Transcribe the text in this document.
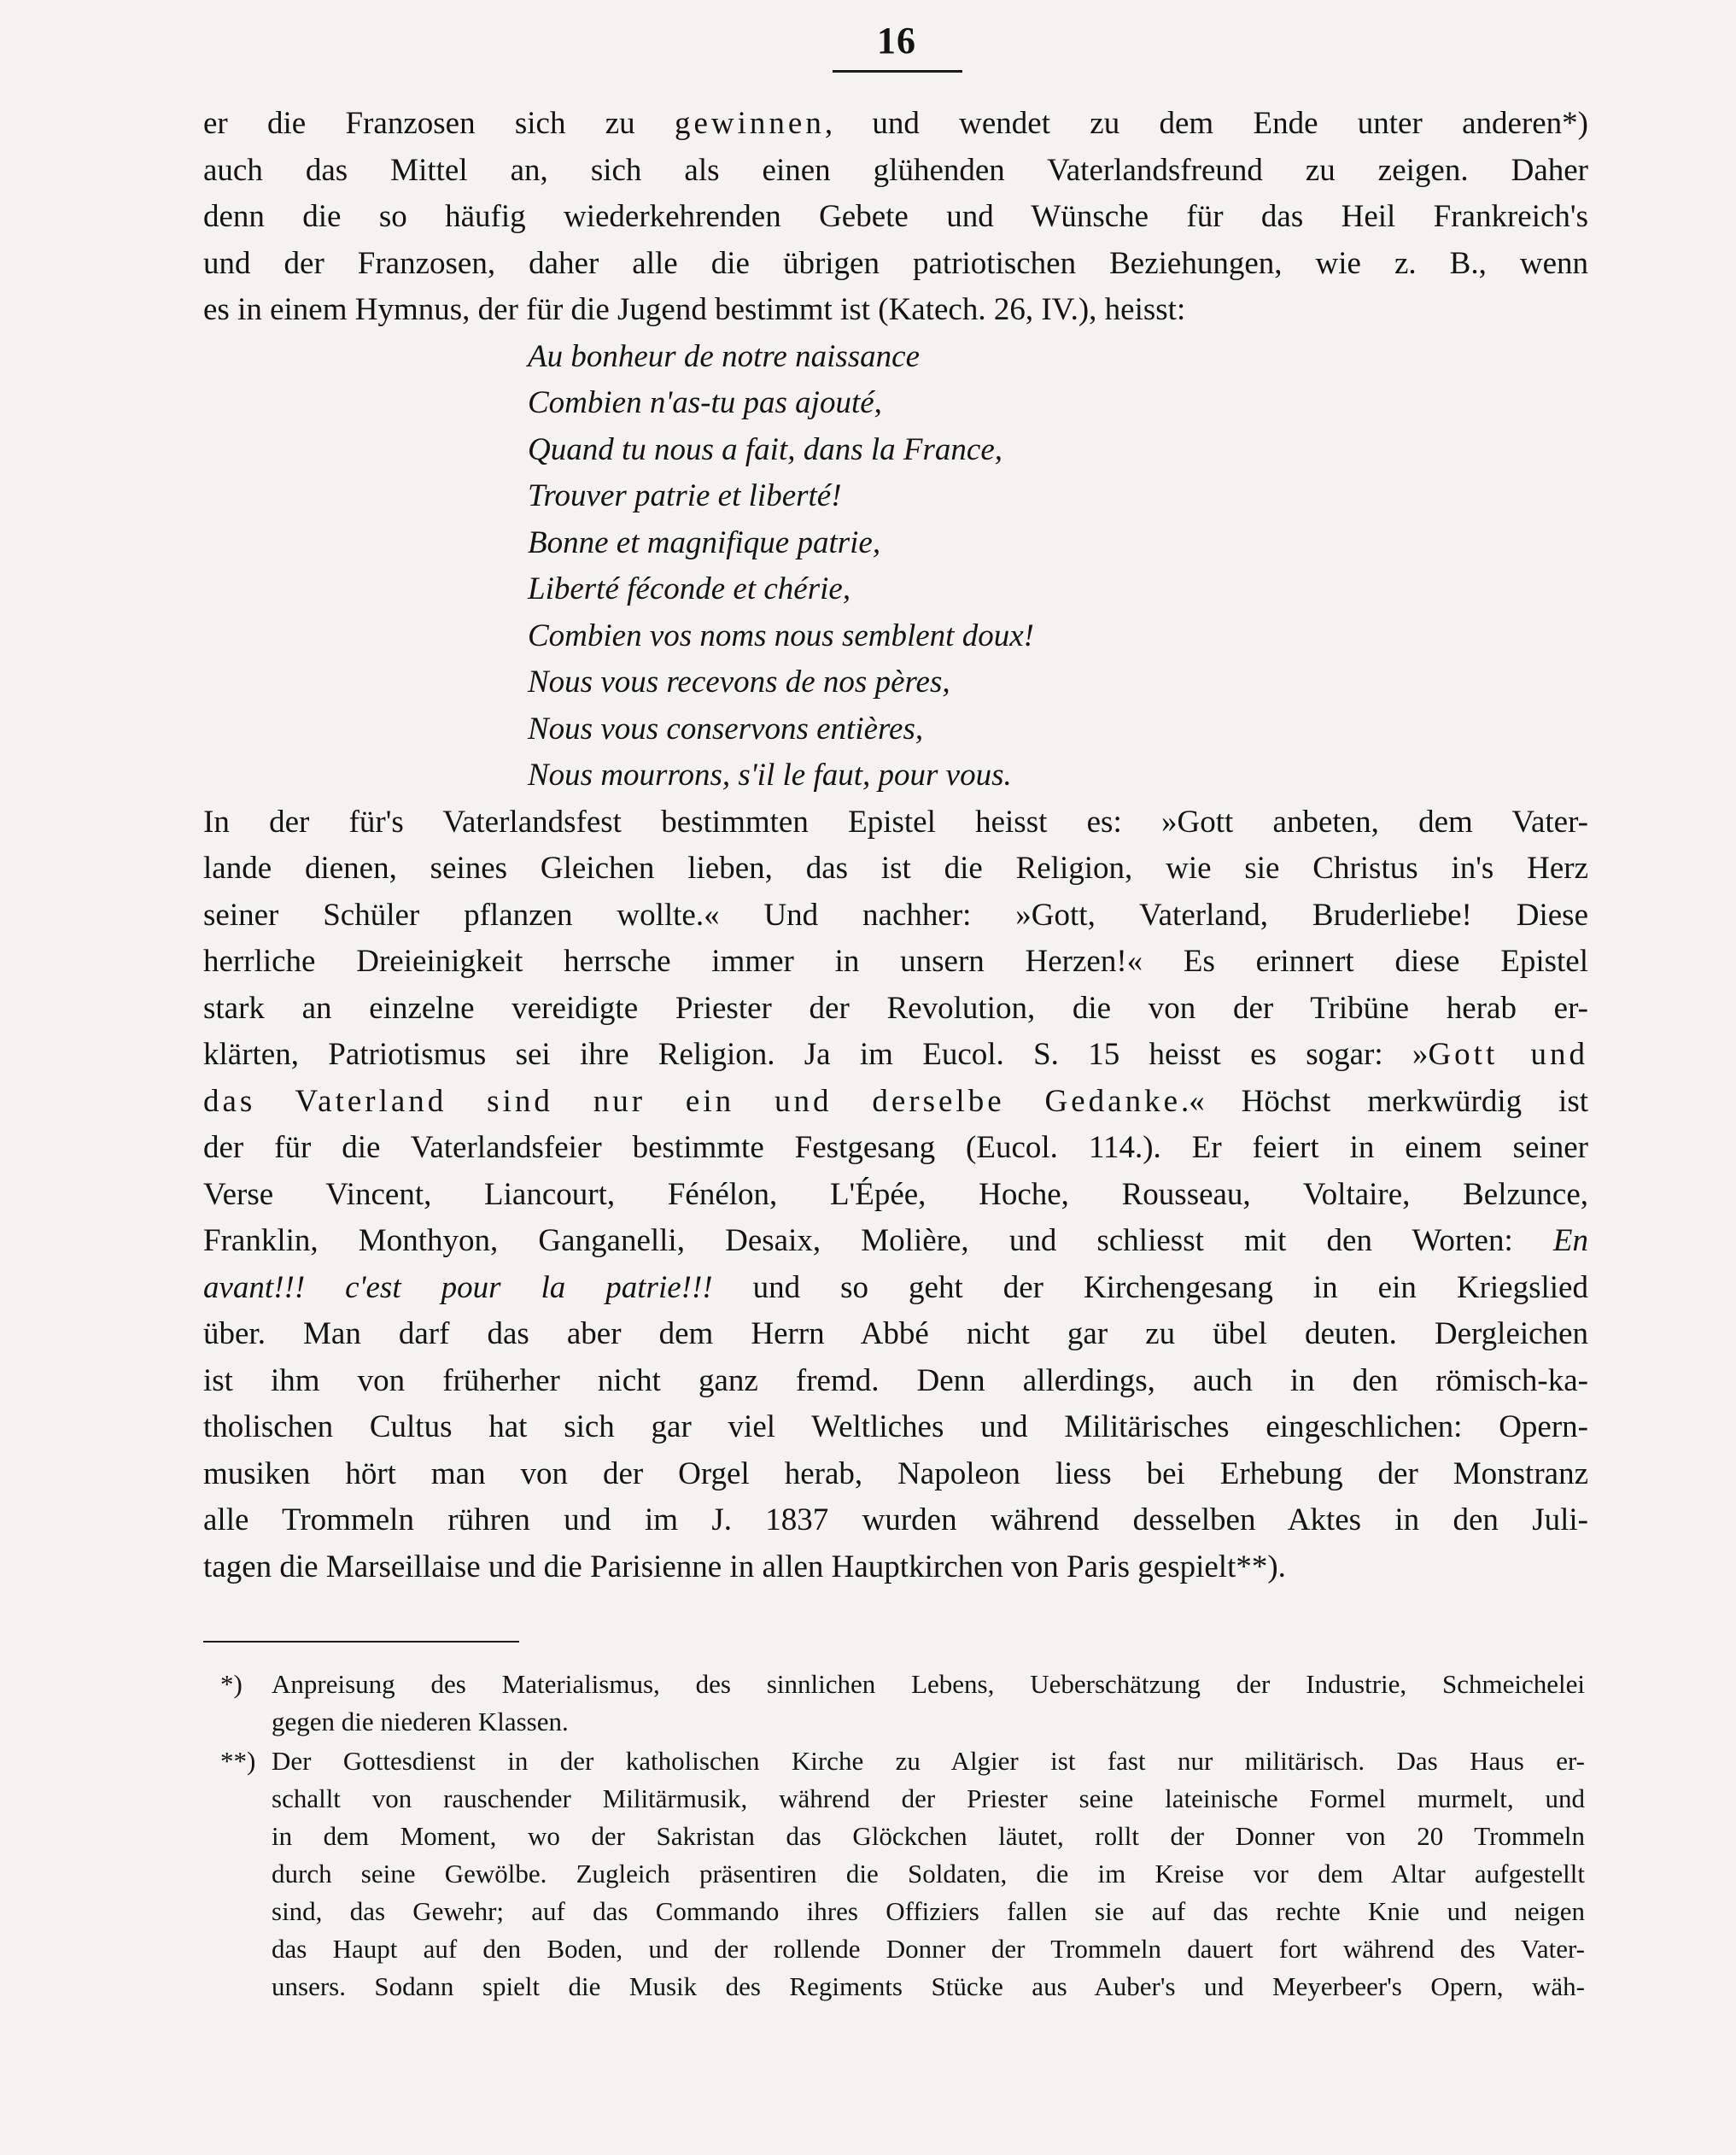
16
er die Franzosen sich zu gewinnen, und wendet zu dem Ende unter anderen*)
auch das Mittel an, sich als einen glühenden Vaterlandsfreund zu zeigen. Daher
denn die so häufig wiederkehrenden Gebete und Wünsche für das Heil Frankreich's
und der Franzosen, daher alle die übrigen patriotischen Beziehungen, wie z. B., wenn
es in einem Hymnus, der für die Jugend bestimmt ist (Katech. 26, IV.), heisst:
Au bonheur de notre naissance
Combien n'as-tu pas ajouté,
Quand tu nous a fait, dans la France,
Trouver patrie et liberté!
Bonne et magnifique patrie,
Liberté féconde et chérie,
Combien vos noms nous semblent doux!
Nous vous recevons de nos pères,
Nous vous conservons entières,
Nous mourrons, s'il le faut, pour vous.
In der für's Vaterlandsfest bestimmten Epistel heisst es: »Gott anbeten, dem Vater-
lande dienen, seines Gleichen lieben, das ist die Religion, wie sie Christus in's Herz
seiner Schüler pflanzen wollte.« Und nachher: »Gott, Vaterland, Bruderliebe! Diese
herrliche Dreieinigkeit herrsche immer in unsern Herzen!« Es erinnert diese Epistel
stark an einzelne vereidigte Priester der Revolution, die von der Tribüne herab er-
klärten, Patriotismus sei ihre Religion. Ja im Eucol. S. 15 heisst es sogar: »Gott und
das Vaterland sind nur ein und derselbe Gedanke.« Höchst merkwürdig ist
der für die Vaterlandsfeier bestimmte Festgesang (Eucol. 114.). Er feiert in einem seiner
Verse Vincent, Liancourt, Fénélon, L'Épée, Hoche, Rousseau, Voltaire, Belzunce,
Franklin, Monthyon, Ganganelli, Desaix, Molière, und schliesst mit den Worten: En
avant!!! c'est pour la patrie!!! und so geht der Kirchengesang in ein Kriegslied
über. Man darf das aber dem Herrn Abbé nicht gar zu übel deuten. Dergleichen
ist ihm von früherher nicht ganz fremd. Denn allerdings, auch in den römisch-ka-
tholischen Cultus hat sich gar viel Weltliches und Militärisches eingeschlichen: Opern-
musiken hört man von der Orgel herab, Napoleon liess bei Erhebung der Monstranz
alle Trommeln rühren und im J. 1837 wurden während desselben Aktes in den Juli-
tagen die Marseillaise und die Parisienne in allen Hauptkirchen von Paris gespielt**).
*) Anpreisung des Materialismus, des sinnlichen Lebens, Ueberschätzung der Industrie, Schmeichelei
gegen die niederen Klassen.
**) Der Gottesdienst in der katholischen Kirche zu Algier ist fast nur militärisch. Das Haus er-
schallt von rauschender Militärmusik, während der Priester seine lateinische Formel murmelt, und
in dem Moment, wo der Sakristan das Glöckchen läutet, rollt der Donner von 20 Trommeln
durch seine Gewölbe. Zugleich präsentiren die Soldaten, die im Kreise vor dem Altar aufgestellt
sind, das Gewehr; auf das Commando ihres Offiziers fallen sie auf das rechte Knie und neigen
das Haupt auf den Boden, und der rollende Donner der Trommeln dauert fort während des Vater-
unsers. Sodann spielt die Musik des Regiments Stücke aus Auber's und Meyerbeer's Opern, wäh-
